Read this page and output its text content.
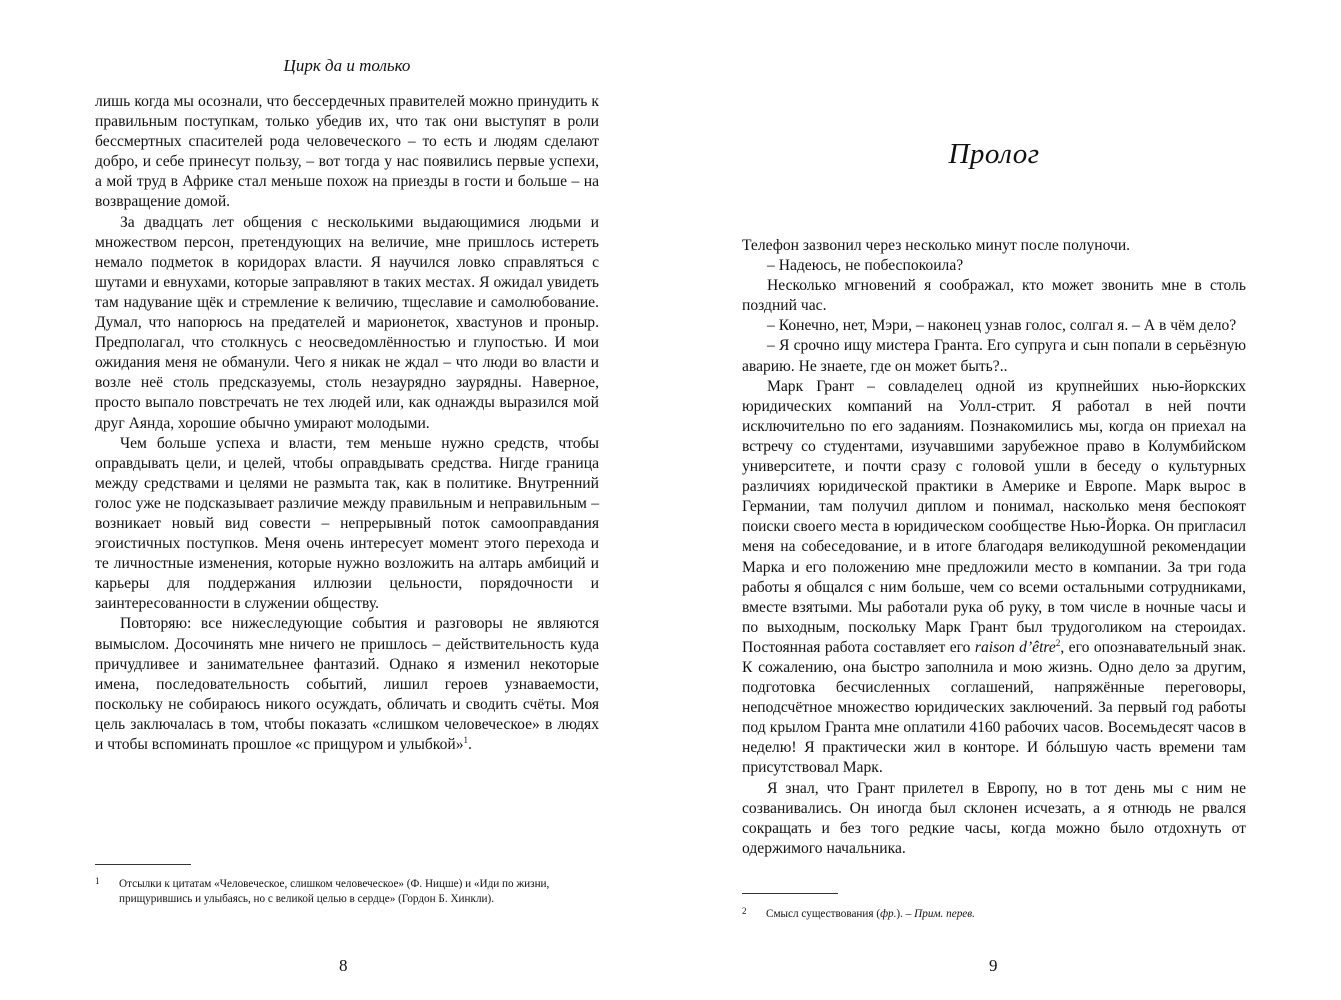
Цирк да и только

лишь когда мы осознали, что бессердечных правителей можно принудить к правильным поступкам, только убедив их, что так они выступят в роли бессмертных спасителей рода человеческого – то есть и людям сделают добро, и себе принесут пользу, – вот тогда у нас появились первые успехи, а мой труд в Африке стал меньше похож на приезды в гости и больше – на возвращение домой.

За двадцать лет общения с несколькими выдающимися людьми и множеством персон, претендующих на величие, мне пришлось истереть немало подметок в коридорах власти. Я научился ловко справляться с шутами и евнухами, которые заправляют в таких местах. Я ожидал увидеть там надувание щёк и стремление к величию, тщеславие и самолюбование. Думал, что напорюсь на предателей и марионеток, хвастунов и проныр. Предполагал, что столкнусь с неосведомлённостью и глупостью. И мои ожидания меня не обманули. Чего я никак не ждал – что люди во власти и возле неё столь предсказуемы, столь незаурядно заурядны. Наверное, просто выпало повстречать не тех людей или, как однажды выразился мой друг Аянда, хорошие обычно умирают молодыми.

Чем больше успеха и власти, тем меньше нужно средств, чтобы оправдывать цели, и целей, чтобы оправдывать средства. Нигде граница между средствами и целями не размыта так, как в политике. Внутренний голос уже не подсказывает различие между правильным и неправильным – возникает новый вид совести – непрерывный поток самооправдания эгоистичных поступков. Меня очень интересует момент этого перехода и те личностные изменения, которые нужно возложить на алтарь амбиций и карьеры для поддержания иллюзии цельности, порядочности и заинтересованности в служении обществу.

Повторяю: все нижеследующие события и разговоры не являются вымыслом. Досочинять мне ничего не пришлось – действительность куда причудливее и занимательнее фантазий. Однако я изменил некоторые имена, последовательность событий, лишил героев узнаваемости, поскольку не собираюсь никого осуждать, обличать и сводить счёты. Моя цель заключалась в том, чтобы показать «слишком человеческое» в людях и чтобы вспоминать прошлое «с прищуром и улыбкой»$^1$.

1 Отсылки к цитатам «Человеческое, слишком человеческое» (Ф. Ницше) и «Иди по жизни, прищурившись и улыбаясь, но с великой целью в сердце» (Гордон Б. Хинкли).
8
Пролог

Телефон зазвонил через несколько минут после полуночи.

– Надеюсь, не побеспокоила?

Несколько мгновений я соображал, кто может звонить мне в столь поздний час.

– Конечно, нет, Мэри, – наконец узнав голос, солгал я. – А в чём дело?

– Я срочно ищу мистера Гранта. Его супруга и сын попали в серьёзную аварию. Не знаете, где он может быть?..

Марк Грант – совладелец одной из крупнейших нью-йоркских юридических компаний на Уолл-стрит. Я работал в ней почти исключительно по его заданиям. Познакомились мы, когда он приехал на встречу со студентами, изучавшими зарубежное право в Колумбийском университете, и почти сразу с головой ушли в беседу о культурных различиях юридической практики в Америке и Европе. Марк вырос в Германии, там получил диплом и понимал, насколько меня беспокоят поиски своего места в юридическом сообществе Нью-Йорка. Он пригласил меня на собеседование, и в итоге благодаря великодушной рекомендации Марка и его положению мне предложили место в компании. За три года работы я общался с ним больше, чем со всеми остальными сотрудниками, вместе взятыми. Мы работали рука об руку, в том числе в ночные часы и по выходным, поскольку Марк Грант был трудоголиком на стероидах. Постоянная работа составляет его raison d’être$^2$, его опознавательный знак. К сожалению, она быстро заполнила и мою жизнь. Одно дело за другим, подготовка бесчисленных соглашений, напряжённые переговоры, неподсчётное множество юридических заключений. За первый год работы под крылом Гранта мне оплатили 4160 рабочих часов. Восемьдесят часов в неделю! Я практически жил в конторе. И бóльшую часть времени там присутствовал Марк.

Я знал, что Грант прилетел в Европу, но в тот день мы с ним не созванивались. Он иногда был склонен исчезать, а я отнюдь не рвался сокращать и без того редкие часы, когда можно было отдохнуть от одержимого начальника.

2 Смысл существования (фр.). – Прим. перев.
9
